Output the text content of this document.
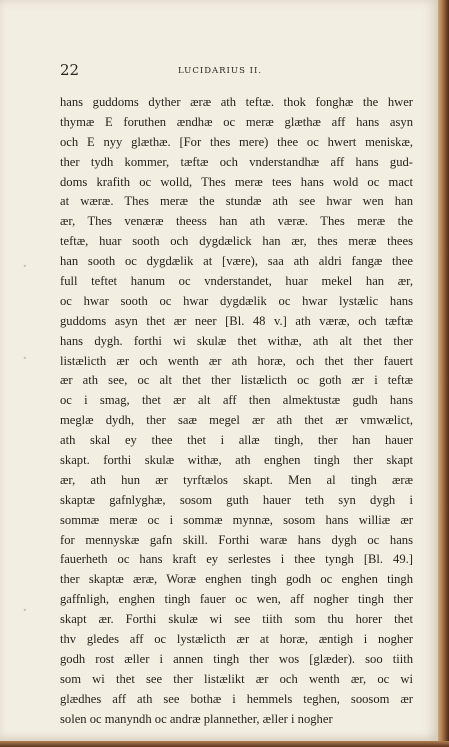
22	LUCIDARIUS II.
·
·
·
hans guddoms dyther æræ ath teftæ. thok fonghæ the hwer
thymæ E foruthen ændhæ oc meræ glæthæ aff hans asyn
och E nyy glæthæ. [For thes mere) thee oc hwert meniskæ,
ther tydh kommer, tæftæ och vnderstandhæ aff hans gud-
doms krafith oc wolld, Thes meræ tees hans wold oc mact
at wæræ. Thes meræ the stundæ ath see hwar wen han
ær, Thes venæræ theess han ath væræ. Thes meræ the
teftæ, huar sooth och dygdælick han ær, thes meræ thees
han sooth oc dygdælik at [være), saa ath aldri fangæ thee
full teftet hanum oc vnderstandet, huar mekel han ær,
oc hwar sooth oc hwar dygdælik oc hwar lystælic hans
guddoms asyn thet ær neer [Bl. 48 v.] ath væræ, och tæftæ
hans dygh. forthi wi skulæ thet withæ, ath alt thet ther
listælicth ær och wenth ær ath horæ, och thet ther fauert
ær ath see, oc alt thet ther listælicth oc goth ær i teftæ
oc i smag, thet ær alt aff then almektustæ gudh hans
meglæ dydh, ther saæ megel ær ath thet ær vmwælict,
ath skal ey thee thet i allæ tingh, ther han hauer
skapt. forthi skulæ withæ, ath enghen tingh ther skapt
ær, ath hun ær tyrftælos skapt. Men al tingh æræ
skaptæ gafnlyghæ, sosom guth hauer teth syn dygh i
sommæ meræ oc i sommæ mynnæ, sosom hans williæ ær
for mennyskæ gafn skill. Forthi waræ hans dygh oc hans
fauerheth oc hans kraft ey serlestes i thee tyngh [Bl. 49.]
ther skaptæ æræ, Woræ enghen tingh godh oc enghen tingh
gaffnligh, enghen tingh fauer oc wen, aff nogher tingh ther
skapt ær. Forthi skulæ wi see tiith som thu horer thet
thv gledes aff oc lystælicth ær at horæ, æntigh i nogher
godh rost æller i annen tingh ther wos [glæder). soo tiith
som wi thet see ther listælikt ær och wenth ær, oc wi
glædhes aff ath see bothæ i hemmels teghen, soosom ær
solen oc manyndh oc andræ plannether, æller i nogher
